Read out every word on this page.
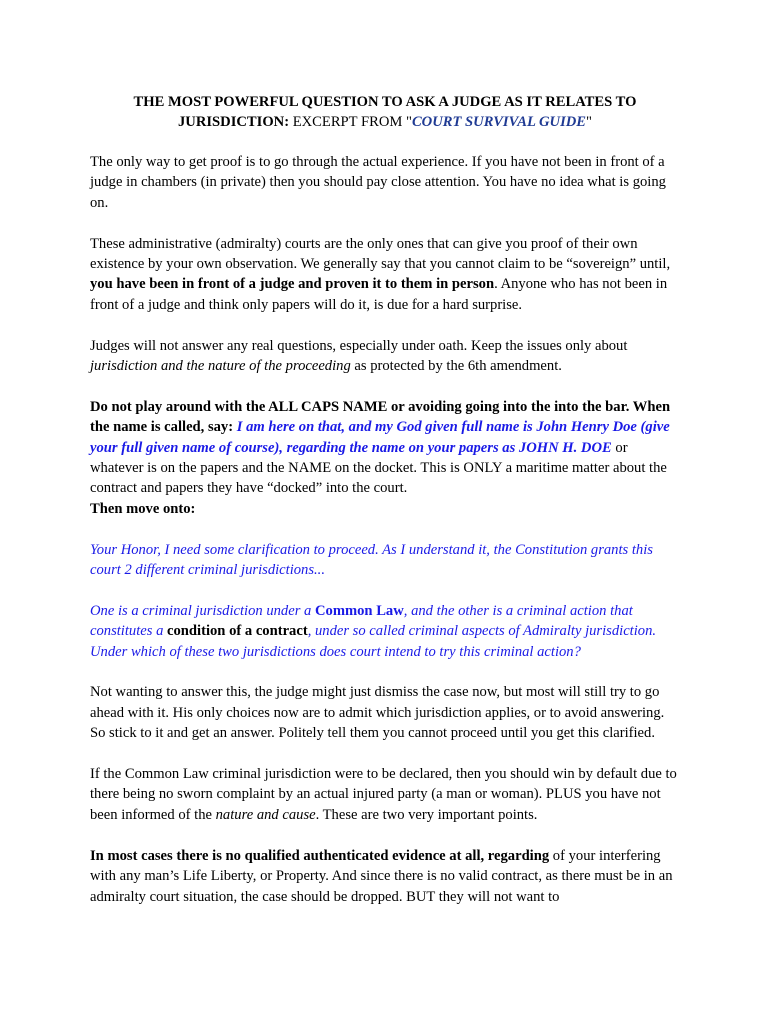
THE MOST POWERFUL QUESTION TO ASK A JUDGE AS IT RELATES TO
JURISDICTION: EXCERPT FROM "COURT SURVIVAL GUIDE"

The only way to get proof is to go through the actual experience. If you have not been in front of a judge in chambers (in private) then you should pay close attention. You have no idea what is going on.

These administrative (admiralty) courts are the only ones that can give you proof of their own existence by your own observation. We generally say that you cannot claim to be “sovereign” until, you have been in front of a judge and proven it to them in person. Anyone who has not been in front of a judge and think only papers will do it, is due for a hard surprise.

Judges will not answer any real questions, especially under oath. Keep the issues only about jurisdiction and the nature of the proceeding as protected by the 6th amendment.

Do not play around with the ALL CAPS NAME or avoiding going into the into the bar. When the name is called, say: I am here on that, and my God given full name is John Henry Doe (give your full given name of course), regarding the name on your papers as JOHN H. DOE or whatever is on the papers and the NAME on the docket. This is ONLY a maritime matter about the contract and papers they have “docked” into the court.

Then move onto:

Your Honor, I need some clarification to proceed. As I understand it, the Constitution grants this court 2 different criminal jurisdictions...

One is a criminal jurisdiction under a Common Law, and the other is a criminal action that constitutes a condition of a contract, under so called criminal aspects of Admiralty jurisdiction. Under which of these two jurisdictions does court intend to try this criminal action?

Not wanting to answer this, the judge might just dismiss the case now, but most will still try to go ahead with it. His only choices now are to admit which jurisdiction applies, or to avoid answering. So stick to it and get an answer. Politely tell them you cannot proceed until you get this clarified.

If the Common Law criminal jurisdiction were to be declared, then you should win by default due to there being no sworn complaint by an actual injured party (a man or woman). PLUS you have not been informed of the nature and cause. These are two very important points.

In most cases there is no qualified authenticated evidence at all, regarding of your interfering with any man’s Life Liberty, or Property. And since there is no valid contract, as there must be in an admiralty court situation, the case should be dropped. BUT they will not want to
